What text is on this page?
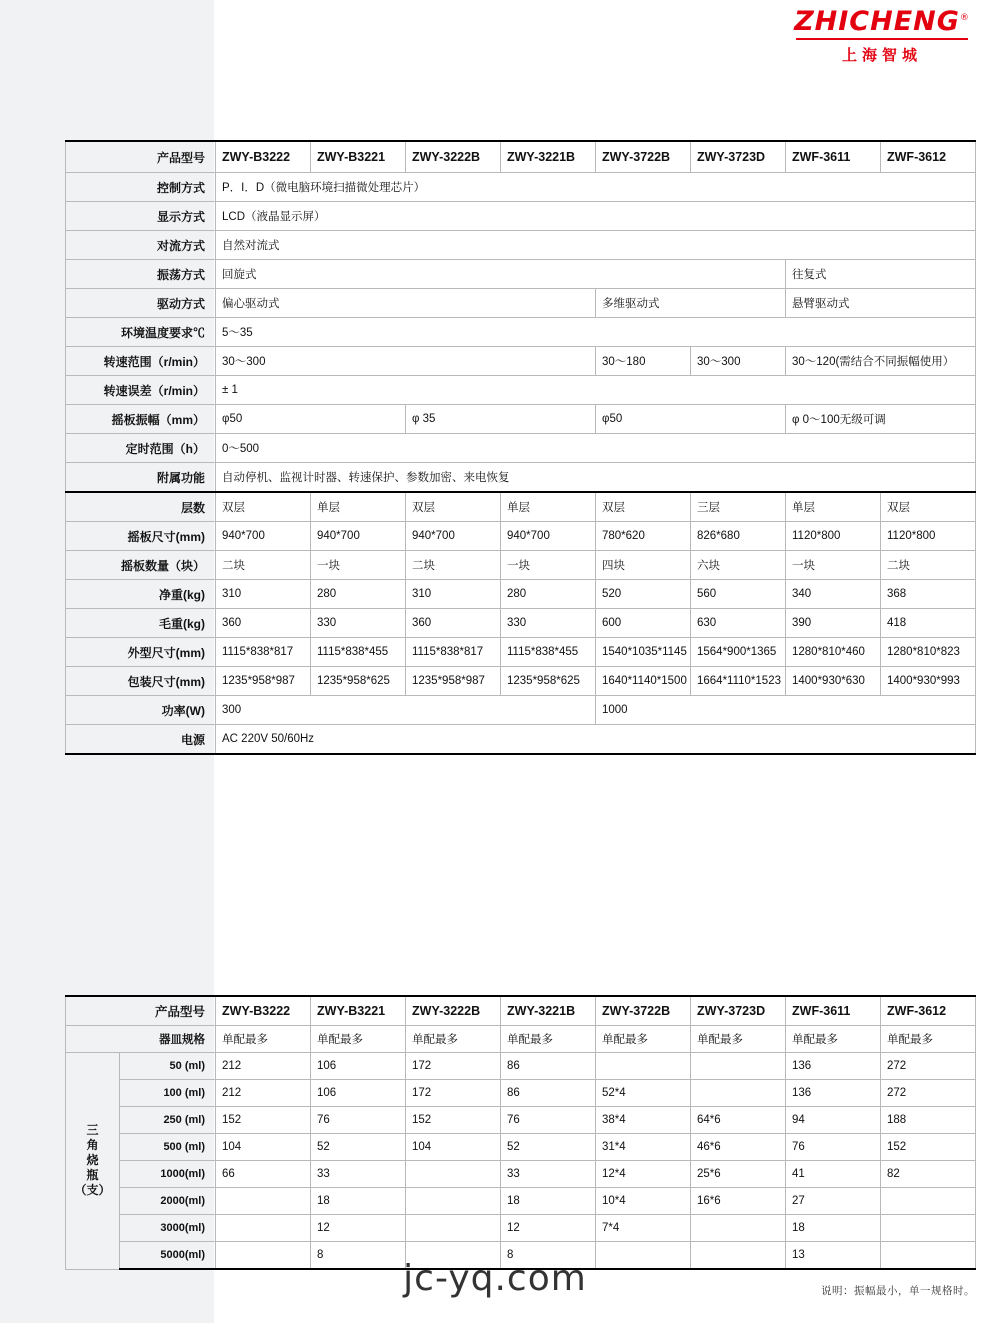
ZHICHENG®
上海智城
产品型号	ZWY-B3222	ZWY-B3221	ZWY-3222B	ZWY-3221B	ZWY-3722B	ZWY-3723D	ZWF-3611	ZWF-3612
控制方式	P．I．D（微电脑环境扫描微处理芯片）							
显示方式	LCD（液晶显示屏）							
对流方式	自然对流式							
振荡方式	回旋式						往复式	
驱动方式	偏心驱动式				多维驱动式		悬臂驱动式	
环境温度要求℃	5～35							
转速范围（r/min）	30～300				30～180	30～300	30～120(需结合不同振幅使用）	
转速误差（r/min）	± 1							
摇板振幅（mm）	φ50		φ 35		φ50		φ 0～100无级可调	
定时范围（h）	0～500							
附属功能	自动停机、监视计时器、转速保护、参数加密、来电恢复							
层数	双层	单层	双层	单层	双层	三层	单层	双层
摇板尺寸(mm)	940*700	940*700	940*700	940*700	780*620	826*680	1120*800	1120*800
摇板数量（块）	二块	一块	二块	一块	四块	六块	一块	二块
净重(kg)	310	280	310	280	520	560	340	368
毛重(kg)	360	330	360	330	600	630	390	418
外型尺寸(mm)	1115*838*817	1115*838*455	1115*838*817	1115*838*455	1540*1035*1145	1564*900*1365	1280*810*460	1280*810*823
包装尺寸(mm)	1235*958*987	1235*958*625	1235*958*987	1235*958*625	1640*1140*1500	1664*1110*1523	1400*930*630	1400*930*993
功率(W)	300				1000			
电源	AC 220V 50/60Hz							
产品型号		ZWY-B3222	ZWY-B3221	ZWY-3222B	ZWY-3221B	ZWY-3722B	ZWY-3723D	ZWF-3611	ZWF-3612
器皿规格		单配最多	单配最多	单配最多	单配最多	单配最多	单配最多	单配最多	单配最多

三
角
烧
瓶
（支）	50 (ml)	212	106	172	86			136	272
	100 (ml)	212	106	172	86	52*4		136	272
	250 (ml)	152	76	152	76	38*4	64*6	94	188
	500 (ml)	104	52	104	52	31*4	46*6	76	152
	1000(ml)	66	33		33	12*4	25*6	41	82
	2000(ml)		18		18	10*4	16*6	27	
	3000(ml)		12		12	7*4		18	
	5000(ml)		8		8			13	
jc-yq.com	说明：振幅最小，单一规格时。
